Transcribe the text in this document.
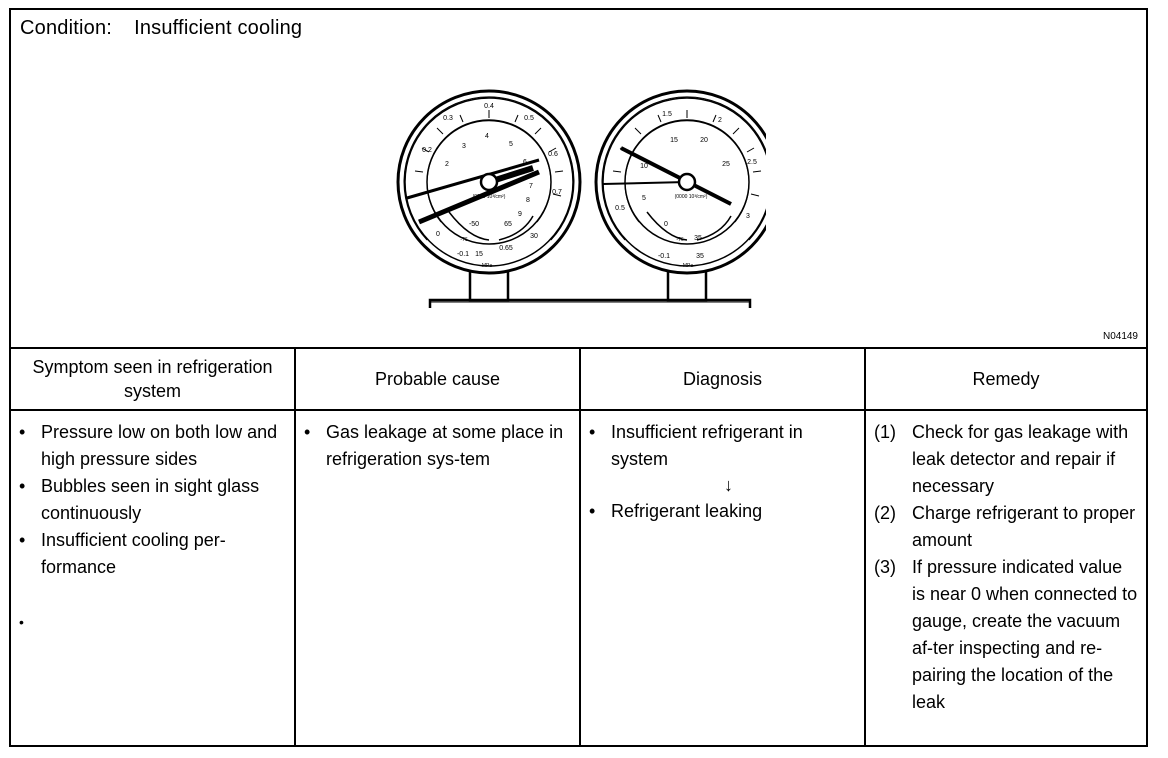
Condition: Insufficient cooling
0.2
0.3
0.4
0.5
0.6
0.7
2
3
4
5
6
7
8
9
(0000 10³/cm²)
-50
-76
0
-0.1 15
65
0.65
30
MPa
1.5
2
2.5
3
0.5
5
10
15	20
25
(0000 10³/cm²)
0
-76
-0.1
35
35
MPa
N04149
Symptom seen in refrigeration system
• Pressure low on both low and high pressure sides
• Bubbles seen in sight glass continuously
• Insufficient cooling per-formance
•
Probable cause
• Gas leakage at some place in refrigeration sys-tem
Diagnosis
• Insufficient refrigerant in system
↓
• Refrigerant leaking
Remedy
(1) Check for gas leakage with leak detector and repair if necessary
(2) Charge refrigerant to proper amount
(3) If pressure indicated value is near 0 when connected to gauge, create the vacuum af-ter inspecting and re-pairing the location of the leak
